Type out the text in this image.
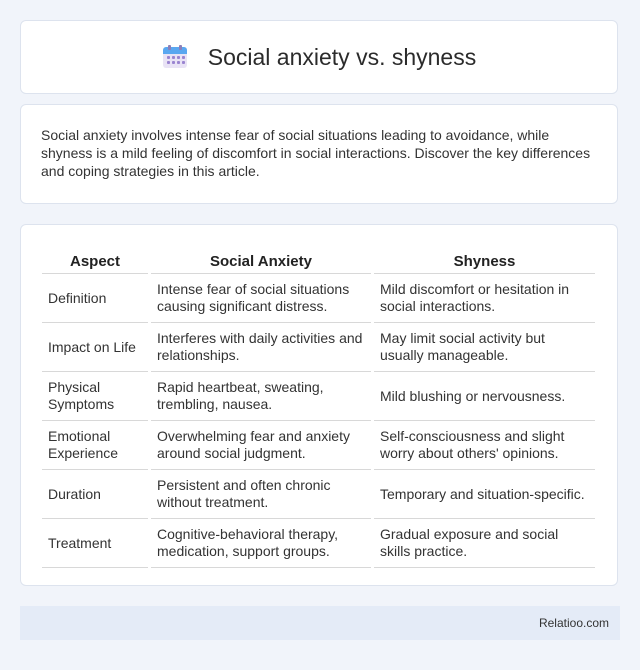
Social anxiety vs. shyness

Social anxiety involves intense fear of social situations leading to avoidance, while shyness is a mild feeling of discomfort in social interactions. Discover the key differences and coping strategies in this article.

Aspect	Social Anxiety	Shyness
Definition	Intense fear of social situations causing significant distress.	Mild discomfort or hesitation in social interactions.
Impact on Life	Interferes with daily activities and relationships.	May limit social activity but usually manageable.
Physical Symptoms	Rapid heartbeat, sweating, trembling, nausea.	Mild blushing or nervousness.
Emotional Experience	Overwhelming fear and anxiety around social judgment.	Self-consciousness and slight worry about others' opinions.
Duration	Persistent and often chronic without treatment.	Temporary and situation-specific.
Treatment	Cognitive-behavioral therapy, medication, support groups.	Gradual exposure and social skills practice.
Relatioo.com
